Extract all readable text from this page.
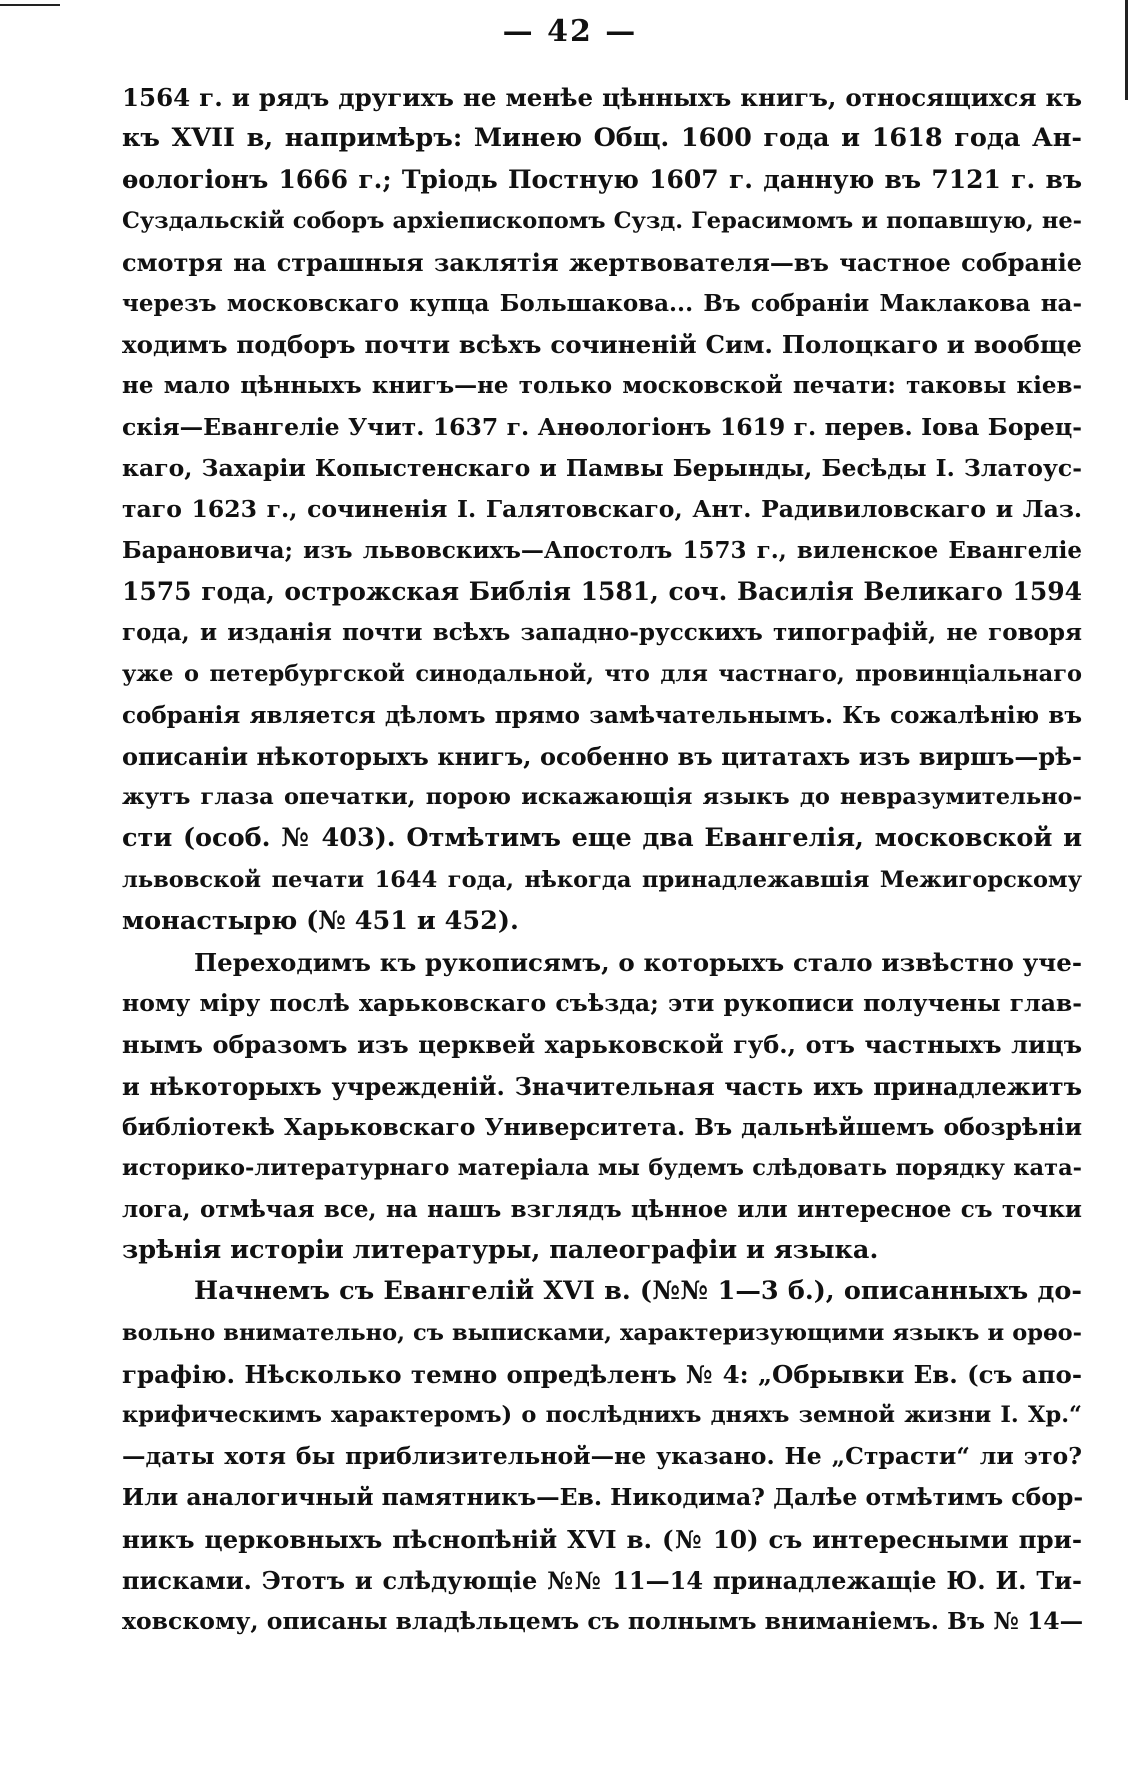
— 42 —
1564 г. и рядъ другихъ не менѣе цѣнныхъ книгъ, относящихся къ
къ XVII в, напримѣръ: Минею Общ. 1600 года и 1618 года Ан-
ѳологіонъ 1666 г.; Тріодь Постную 1607 г. данную въ 7121 г. въ
Суздальскій соборъ архіепископомъ Сузд. Герасимомъ и попавшую, не-
смотря на страшныя заклятія жертвователя—въ частное собраніе
черезъ московскаго купца Большакова... Въ собраніи Маклакова на-
ходимъ подборъ почти всѣхъ сочиненій Сим. Полоцкаго и вообще
не мало цѣнныхъ книгъ—не только московской печати: таковы кіев-
скія—Евангеліе Учит. 1637 г. Анѳологіонъ 1619 г. перев. Іова Борец-
каго, Захаріи Копыстенскаго и Памвы Берынды, Бесѣды І. Златоус-
таго 1623 г., сочиненія І. Галятовскаго, Ант. Радивиловскаго и Лаз.
Барановича; изъ львовскихъ—Апостолъ 1573 г., виленское Евангеліе
1575 года, острожская Библія 1581, соч. Василія Великаго 1594
года, и изданія почти всѣхъ западно-русскихъ типографій, не говоря
уже о петербургской синодальной, что для частнаго, провинціальнаго
собранія является дѣломъ прямо замѣчательнымъ. Къ сожалѣнію въ
описаніи нѣкоторыхъ книгъ, особенно въ цитатахъ изъ виршъ—рѣ-
жутъ глаза опечатки, порою искажающія языкъ до невразумительно-
сти (особ. № 403). Отмѣтимъ еще два Евангелія, московской и
львовской печати 1644 года, нѣкогда принадлежавшія Межигорскому
монастырю (№ 451 и 452).
Переходимъ къ рукописямъ, о которыхъ стало извѣстно уче-
ному міру послѣ харьковскаго съѣзда; эти рукописи получены глав-
нымъ образомъ изъ церквей харьковской губ., отъ частныхъ лицъ
и нѣкоторыхъ учрежденій. Значительная часть ихъ принадлежитъ
библіотекѣ Харьковскаго Университета. Въ дальнѣйшемъ обозрѣніи
историко-литературнаго матеріала мы будемъ слѣдовать порядку ката-
лога, отмѣчая все, на нашъ взглядъ цѣнное или интересное съ точки
зрѣнія исторіи литературы, палеографіи и языка.
Начнемъ съ Евангелій XVI в. (№№ 1—3 б.), описанныхъ до-
вольно внимательно, съ выписками, характеризующими языкъ и орѳо-
графію. Нѣсколько темно опредѣленъ № 4: „Обрывки Ев. (съ апо-
крифическимъ характеромъ) о послѣднихъ дняхъ земной жизни І. Хр.“
—даты хотя бы приблизительной—не указано. Не „Страсти“ ли это?
Или аналогичный памятникъ—Ев. Никодима? Далѣе отмѣтимъ сбор-
никъ церковныхъ пѣснопѣній XVI в. (№ 10) съ интересными при-
писками. Этотъ и слѣдующіе №№ 11—14 принадлежащіе Ю. И. Ти-
ховскому, описаны владѣльцемъ съ полнымъ вниманіемъ. Въ № 14—
